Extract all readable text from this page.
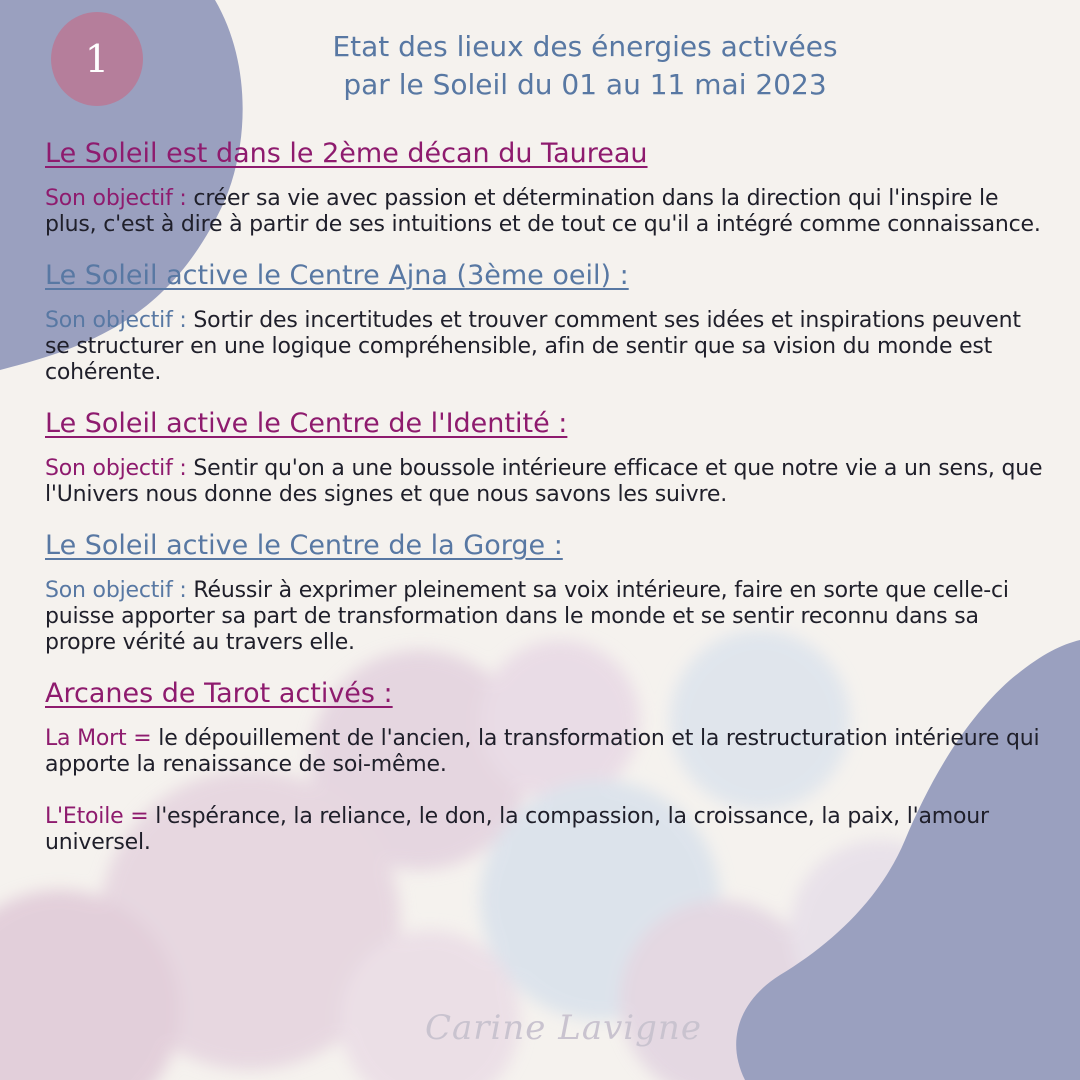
1	Etat des lieux des énergies activées
par le Soleil du 01 au 11 mai 2023
Le Soleil est dans le 2ème décan du Taureau

Son objectif : créer sa vie avec passion et détermination dans la direction qui l'inspire le plus, c'est à dire à partir de ses intuitions et de tout ce qu'il a intégré comme connaissance.

Le Soleil active le Centre Ajna (3ème oeil) :

Son objectif : Sortir des incertitudes et trouver comment ses idées et inspirations peuvent se structurer en une logique compréhensible, afin de sentir que sa vision du monde est cohérente.

Le Soleil active le Centre de l'Identité :

Son objectif : Sentir qu'on a une boussole intérieure efficace et que notre vie a un sens, que l'Univers nous donne des signes et que nous savons les suivre.

Le Soleil active le Centre de la Gorge :

Son objectif : Réussir à exprimer pleinement sa voix intérieure, faire en sorte que celle-ci puisse apporter sa part de transformation dans le monde et se sentir reconnu dans sa propre vérité au travers elle.

Arcanes de Tarot activés :

La Mort = le dépouillement de l'ancien, la transformation et la restructuration intérieure qui apporte la renaissance de soi-même.

L'Etoile = l'espérance, la reliance, le don, la compassion, la croissance, la paix, l'amour universel.

Carine Lavigne
